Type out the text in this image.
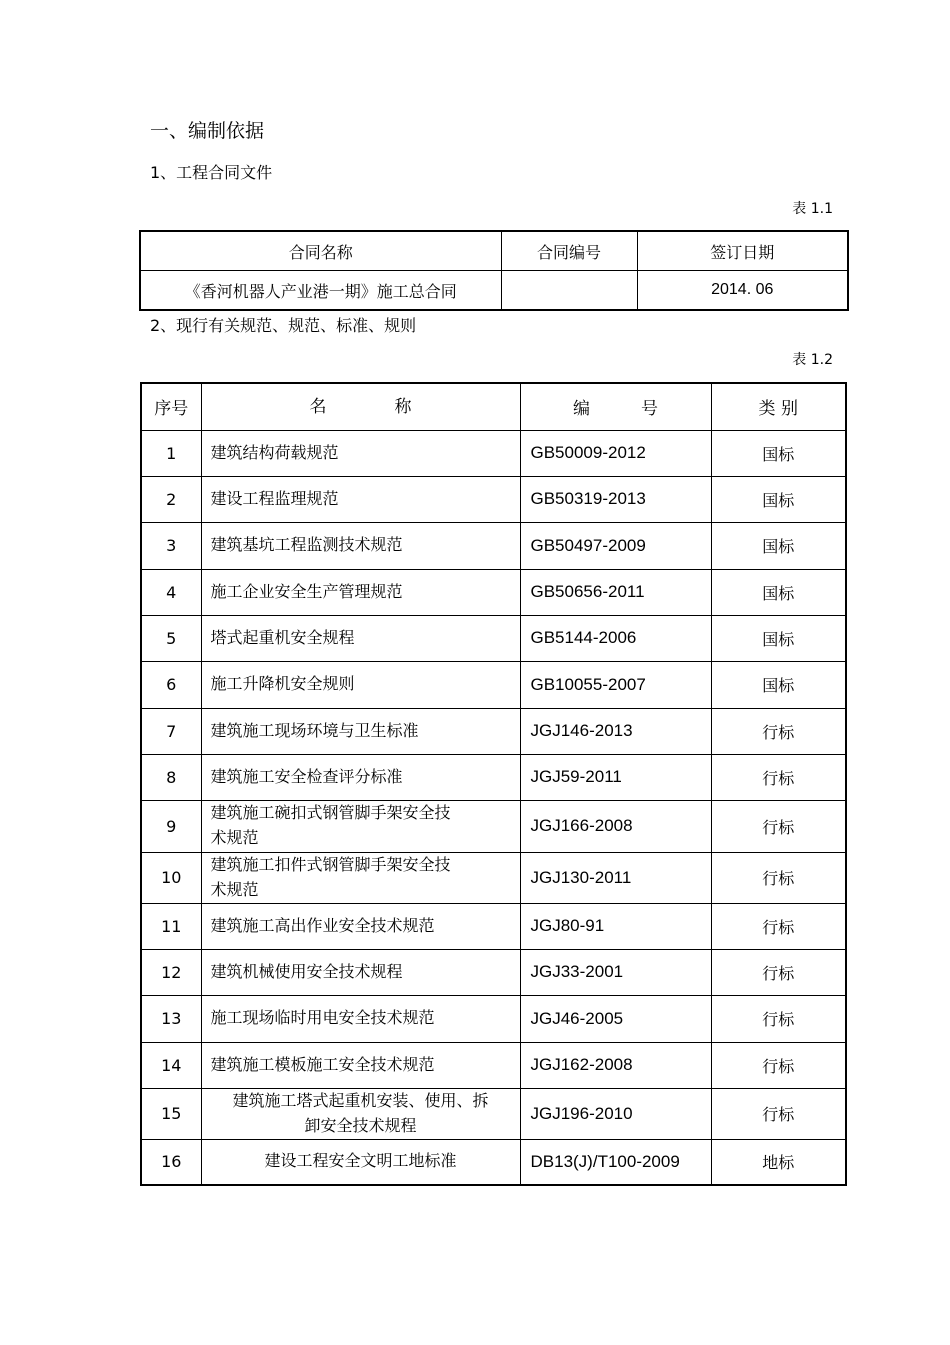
一、编制依据
1、工程合同文件
表 1.1
合同名称	合同编号	签订日期
《香河机器人产业港一期》施工总合同		2014. 06
2、现行有关规范、规范、标准、规则
表 1.2
序号	名　　　　称	编　　　号	类 别
1	建筑结构荷载规范	GB50009-2012	国标
2	建设工程监理规范	GB50319-2013	国标
3	建筑基坑工程监测技术规范	GB50497-2009	国标
4	施工企业安全生产管理规范	GB50656-2011	国标
5	塔式起重机安全规程	GB5144-2006	国标
6	施工升降机安全规则	GB10055-2007	国标
7	建筑施工现场环境与卫生标准	JGJ146-2013	行标
8	建筑施工安全检查评分标准	JGJ59-2011	行标
9	建筑施工碗扣式钢管脚手架安全技
术规范	JGJ166-2008	行标
10	建筑施工扣件式钢管脚手架安全技
术规范	JGJ130-2011	行标
11	建筑施工高出作业安全技术规范	JGJ80-91	行标
12	建筑机械使用安全技术规程	JGJ33-2001	行标
13	施工现场临时用电安全技术规范	JGJ46-2005	行标
14	建筑施工模板施工安全技术规范	JGJ162-2008	行标
15	建筑施工塔式起重机安装、使用、拆
卸安全技术规程	JGJ196-2010	行标
16	建设工程安全文明工地标准	DB13(J)/T100-2009	地标
